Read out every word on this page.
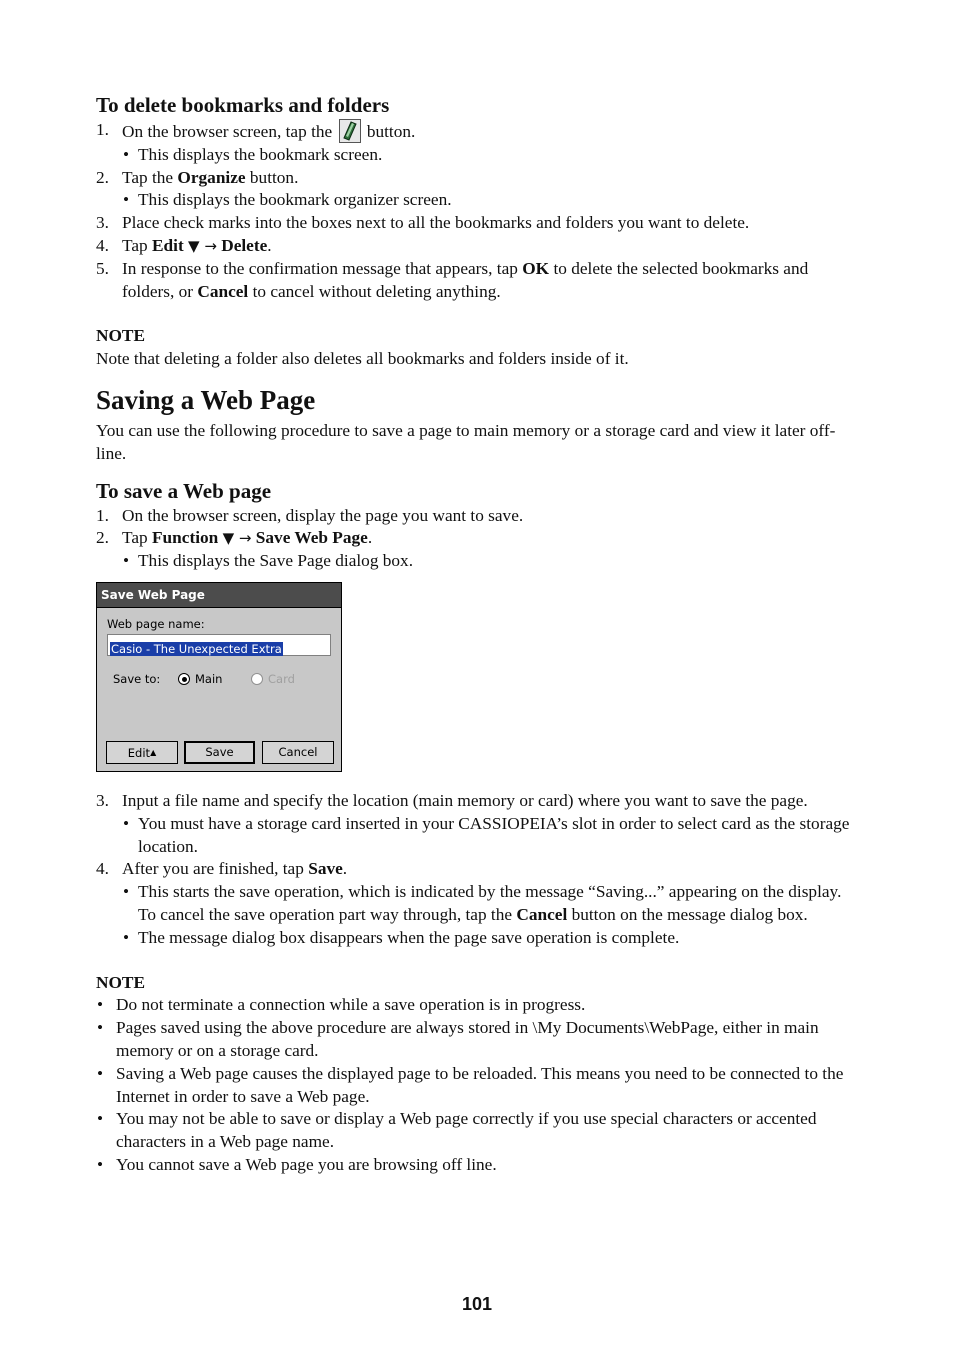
To delete bookmarks and folders
1. On the browser screen, tap the button.
• This displays the bookmark screen.
2. Tap the Organize button.
• This displays the bookmark organizer screen.
3. Place check marks into the boxes next to all the bookmarks and folders you want to delete.
4. Tap Edit ▼ → Delete.
5. In response to the confirmation message that appears, tap OK to delete the selected bookmarks and folders, or Cancel to cancel without deleting anything.
NOTE
Note that deleting a folder also deletes all bookmarks and folders inside of it.
Saving a Web Page
You can use the following procedure to save a page to main memory or a storage card and view it later off-line.
To save a Web page
1. On the browser screen, display the page you want to save.
2. Tap Function ▼ → Save Web Page.
• This displays the Save Page dialog box.
Save Web Page
Web page name:
Casio - The Unexpected Extra
Save to:	Main	Card
Edit▲	Save	Cancel
3. Input a file name and specify the location (main memory or card) where you want to save the page.
• You must have a storage card inserted in your CASSIOPEIA’s slot in order to select card as the storage location.
4. After you are finished, tap Save.
• This starts the save operation, which is indicated by the message “Saving...” appearing on the display. To cancel the save operation part way through, tap the Cancel button on the message dialog box.
• The message dialog box disappears when the page save operation is complete.
NOTE
• Do not terminate a connection while a save operation is in progress.
• Pages saved using the above procedure are always stored in \My Documents\WebPage, either in main memory or on a storage card.
• Saving a Web page causes the displayed page to be reloaded. This means you need to be connected to the Internet in order to save a Web page.
• You may not be able to save or display a Web page correctly if you use special characters or accented characters in a Web page name.
• You cannot save a Web page you are browsing off line.
101
